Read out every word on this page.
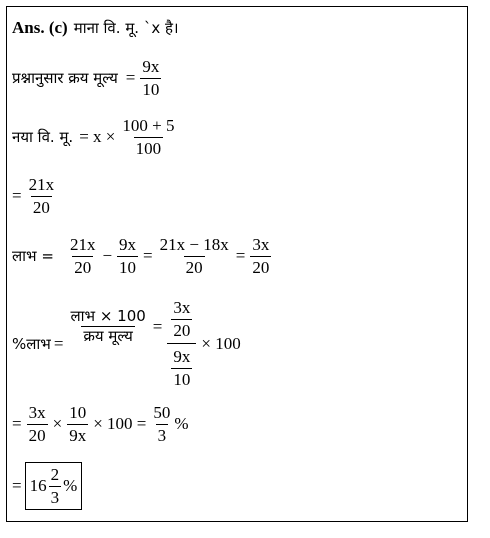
Ans. (c) माना वि. मू. `x है।
प्रश्नानुसार क्रय मूल्य = $\frac{9x}{10}$
नया वि. मू. = $x \times \frac{100 + 5}{100}$
= $\frac{21x}{20}$
लाभ = $\frac{21x}{20} - \frac{9x}{10} = \frac{21x - 18x}{20} = \frac{3x}{20}$
%लाभ = $\frac{\text{लाभ × 100}}{\text{क्रय मूल्य}} = \frac{\frac{3x}{20}}{\frac{9x}{10}} \times 100$
= $\frac{3x}{20} \times \frac{10}{9x} \times 100 = \frac{50}{3}$ %
= $16 \frac{2}{3}$ %
